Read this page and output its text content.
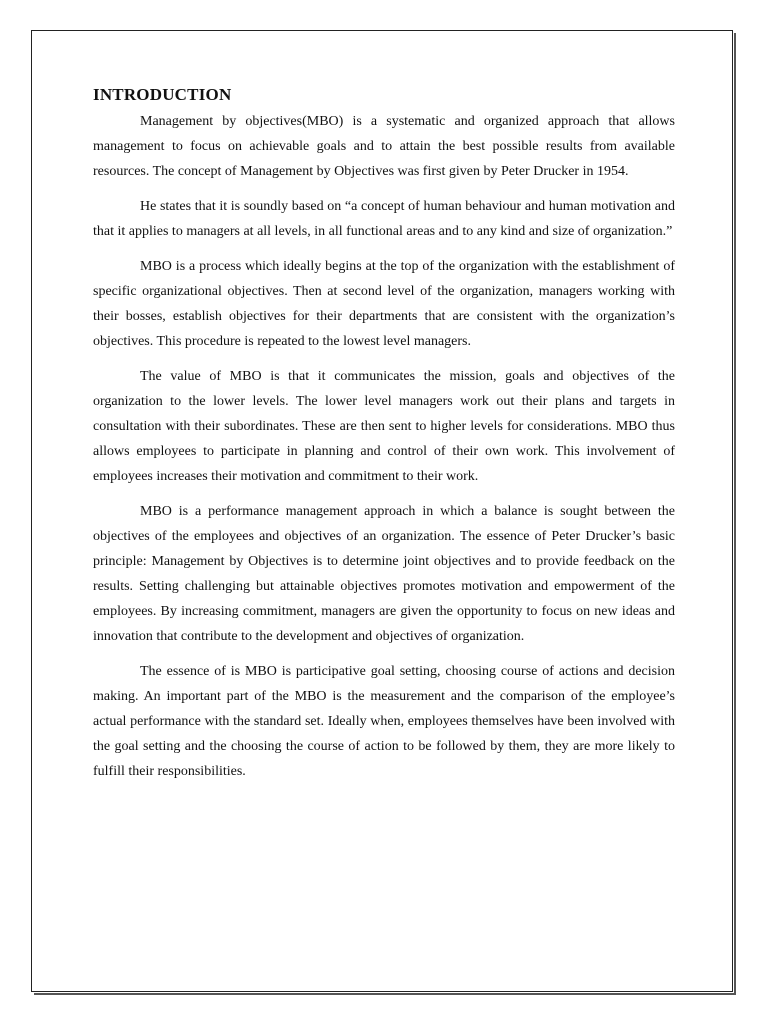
INTRODUCTION

Management by objectives(MBO) is a systematic and organized approach that allows management to focus on achievable goals and to attain the best possible results from available resources. The concept of Management by Objectives was first given by Peter Drucker in 1954.

He states that it is soundly based on “a concept of human behaviour and human motivation and that it applies to managers at all levels, in all functional areas and to any kind and size of organization.”

MBO is a process which ideally begins at the top of the organization with the establishment of specific organizational objectives. Then at second level of the organization, managers working with their bosses, establish objectives for their departments that are consistent with the organization’s objectives. This procedure is repeated to the lowest level managers.

The value of MBO is that it communicates the mission, goals and objectives of the organization to the lower levels. The lower level managers work out their plans and targets in consultation with their subordinates. These are then sent to higher levels for considerations. MBO thus allows employees to participate in planning and control of their own work. This involvement of employees increases their motivation and commitment to their work.

MBO is a performance management approach in which a balance is sought between the objectives of the employees and objectives of an organization. The essence of Peter Drucker’s basic principle: Management by Objectives is to determine joint objectives and to provide feedback on the results. Setting challenging but attainable objectives promotes motivation and empowerment of the employees. By increasing commitment, managers are given the opportunity to focus on new ideas and innovation that contribute to the development and objectives of organization.

The essence of is MBO is participative goal setting, choosing course of actions and decision making. An important part of the MBO is the measurement and the comparison of the employee’s actual performance with the standard set. Ideally when, employees themselves have been involved with the goal setting and the choosing the course of action to be followed by them, they are more likely to fulfill their responsibilities.
